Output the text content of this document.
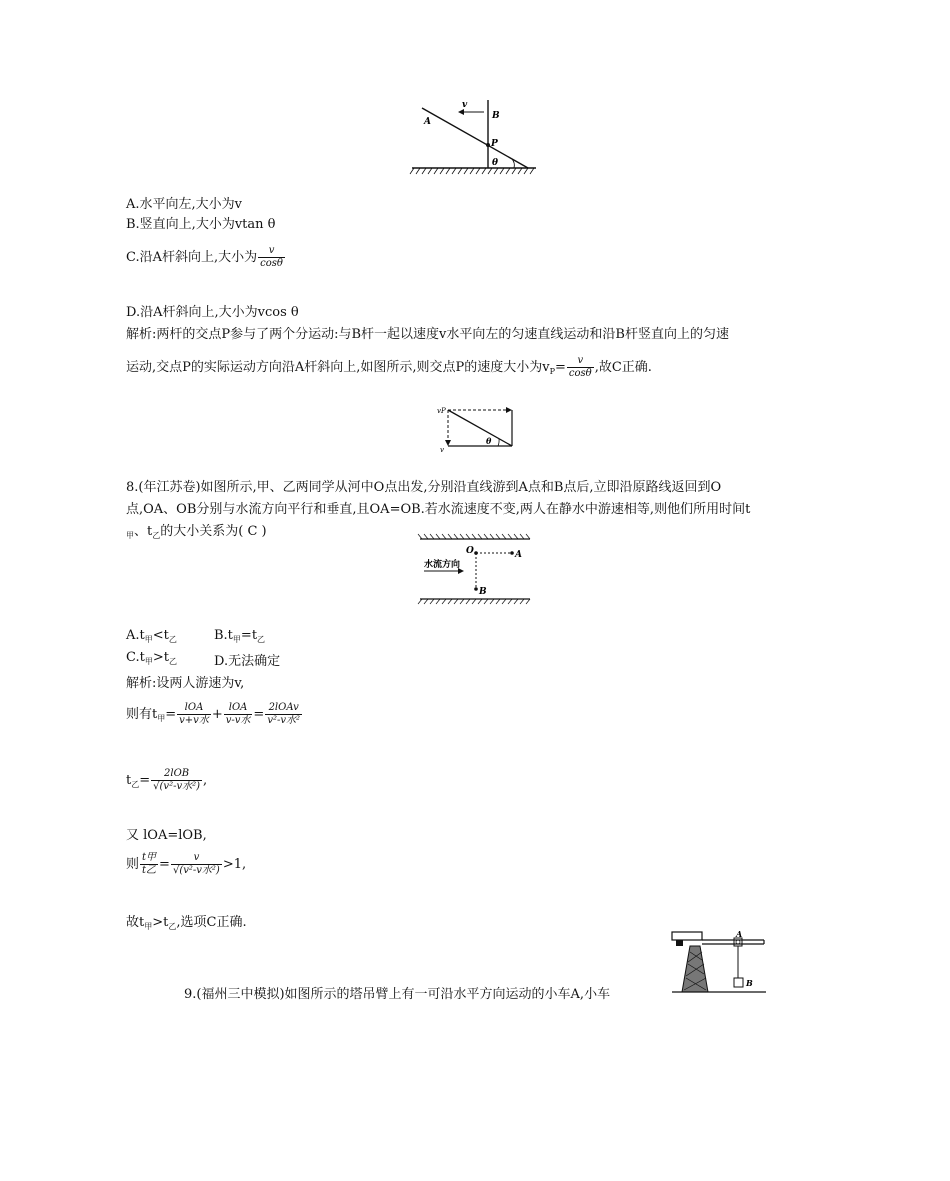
v
B
A
P
θ
A.水平向左,大小为v
B.竖直向上,大小为vtan θ
C.沿A杆斜向上,大小为 $\frac{v}{\cos\theta}$
D.沿A杆斜向上,大小为vcos θ
解析:两杆的交点P参与了两个分运动:与B杆一起以速度v水平向左的匀速直线运动和沿B杆竖直向上的匀速
运动,交点P的实际运动方向沿A杆斜向上,如图所示,则交点P的速度大小为$v_P= \frac{v}{\cos\theta}$ ,故C正确.
vP
v
θ
8.(年江苏卷)如图所示,甲、乙两同学从河中O点出发,分别沿直线游到A点和B点后,立即沿原路线返回到O
点,OA、OB分别与水流方向平行和垂直,且OA=OB.若水流速度不变,两人在静水中游速相等,则他们所用时间t
$_甲$、$t_乙$的大小关系为( C )
水流方向
O	A
B
$A.t_甲<t_乙$	$B.t_甲=t_乙$
$C.t_甲>t_乙$	D.无法确定
解析:设两人游速为v,
则有$t_甲= \frac{\text{lOA}}{\text{v+v水}} + \frac{\text{lOA}}{\text{v-v水}} = \frac{\text{2lOAv}}{\text{v²-v水²}}$
$t_乙= \frac{\text{2lOB}}{\text{√(v²-v水²)}}$ ,
又 lOA=lOB,
则 $\frac{\text{t甲}}{\text{t乙}} = \frac{v}{\text{√(v²-v水²)}} >1$,
故$t_甲>t_乙$,选项C正确.
9.(福州三中模拟)如图所示的塔吊臂上有一可沿水平方向运动的小车A,小车
A
B
